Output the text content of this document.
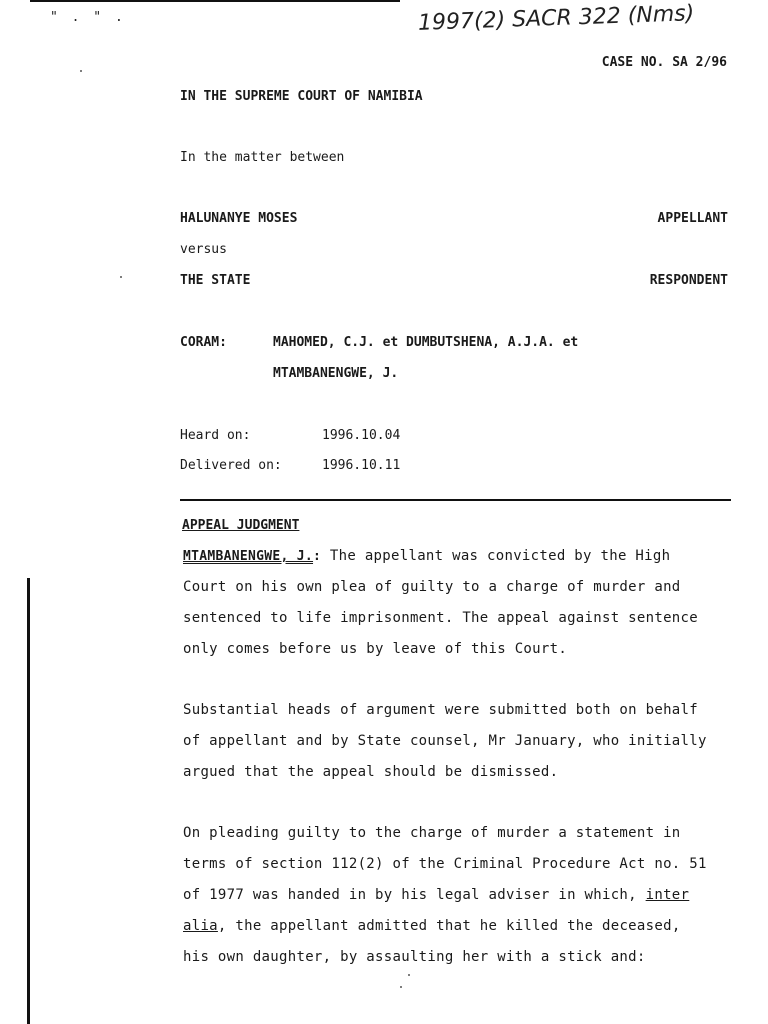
" . " .	1997(2) SACR 322 (Nms)
CASE NO. SA 2/96
IN THE SUPREME COURT OF NAMIBIA
In the matter between
HALUNANYE MOSES	APPELLANT
versus
THE STATE	RESPONDENT
CORAM:	MAHOMED, C.J. et DUMBUTSHENA, A.J.A. et
MTAMBANENGWE, J.
Heard on:	1996.10.04
Delivered on:	1996.10.11
APPEAL JUDGMENT
MTAMBANENGWE, J.: The appellant was convicted by the High
Court on his own plea of guilty to a charge of murder and
sentenced to life imprisonment. The appeal against sentence
only comes before us by leave of this Court.
Substantial heads of argument were submitted both on behalf
of appellant and by State counsel, Mr January, who initially
argued that the appeal should be dismissed.
On pleading guilty to the charge of murder a statement in
terms of section 112(2) of the Criminal Procedure Act no. 51
of 1977 was handed in by his legal adviser in which, inter
alia, the appellant admitted that he killed the deceased,
his own daughter, by assaulting her with a stick and:
